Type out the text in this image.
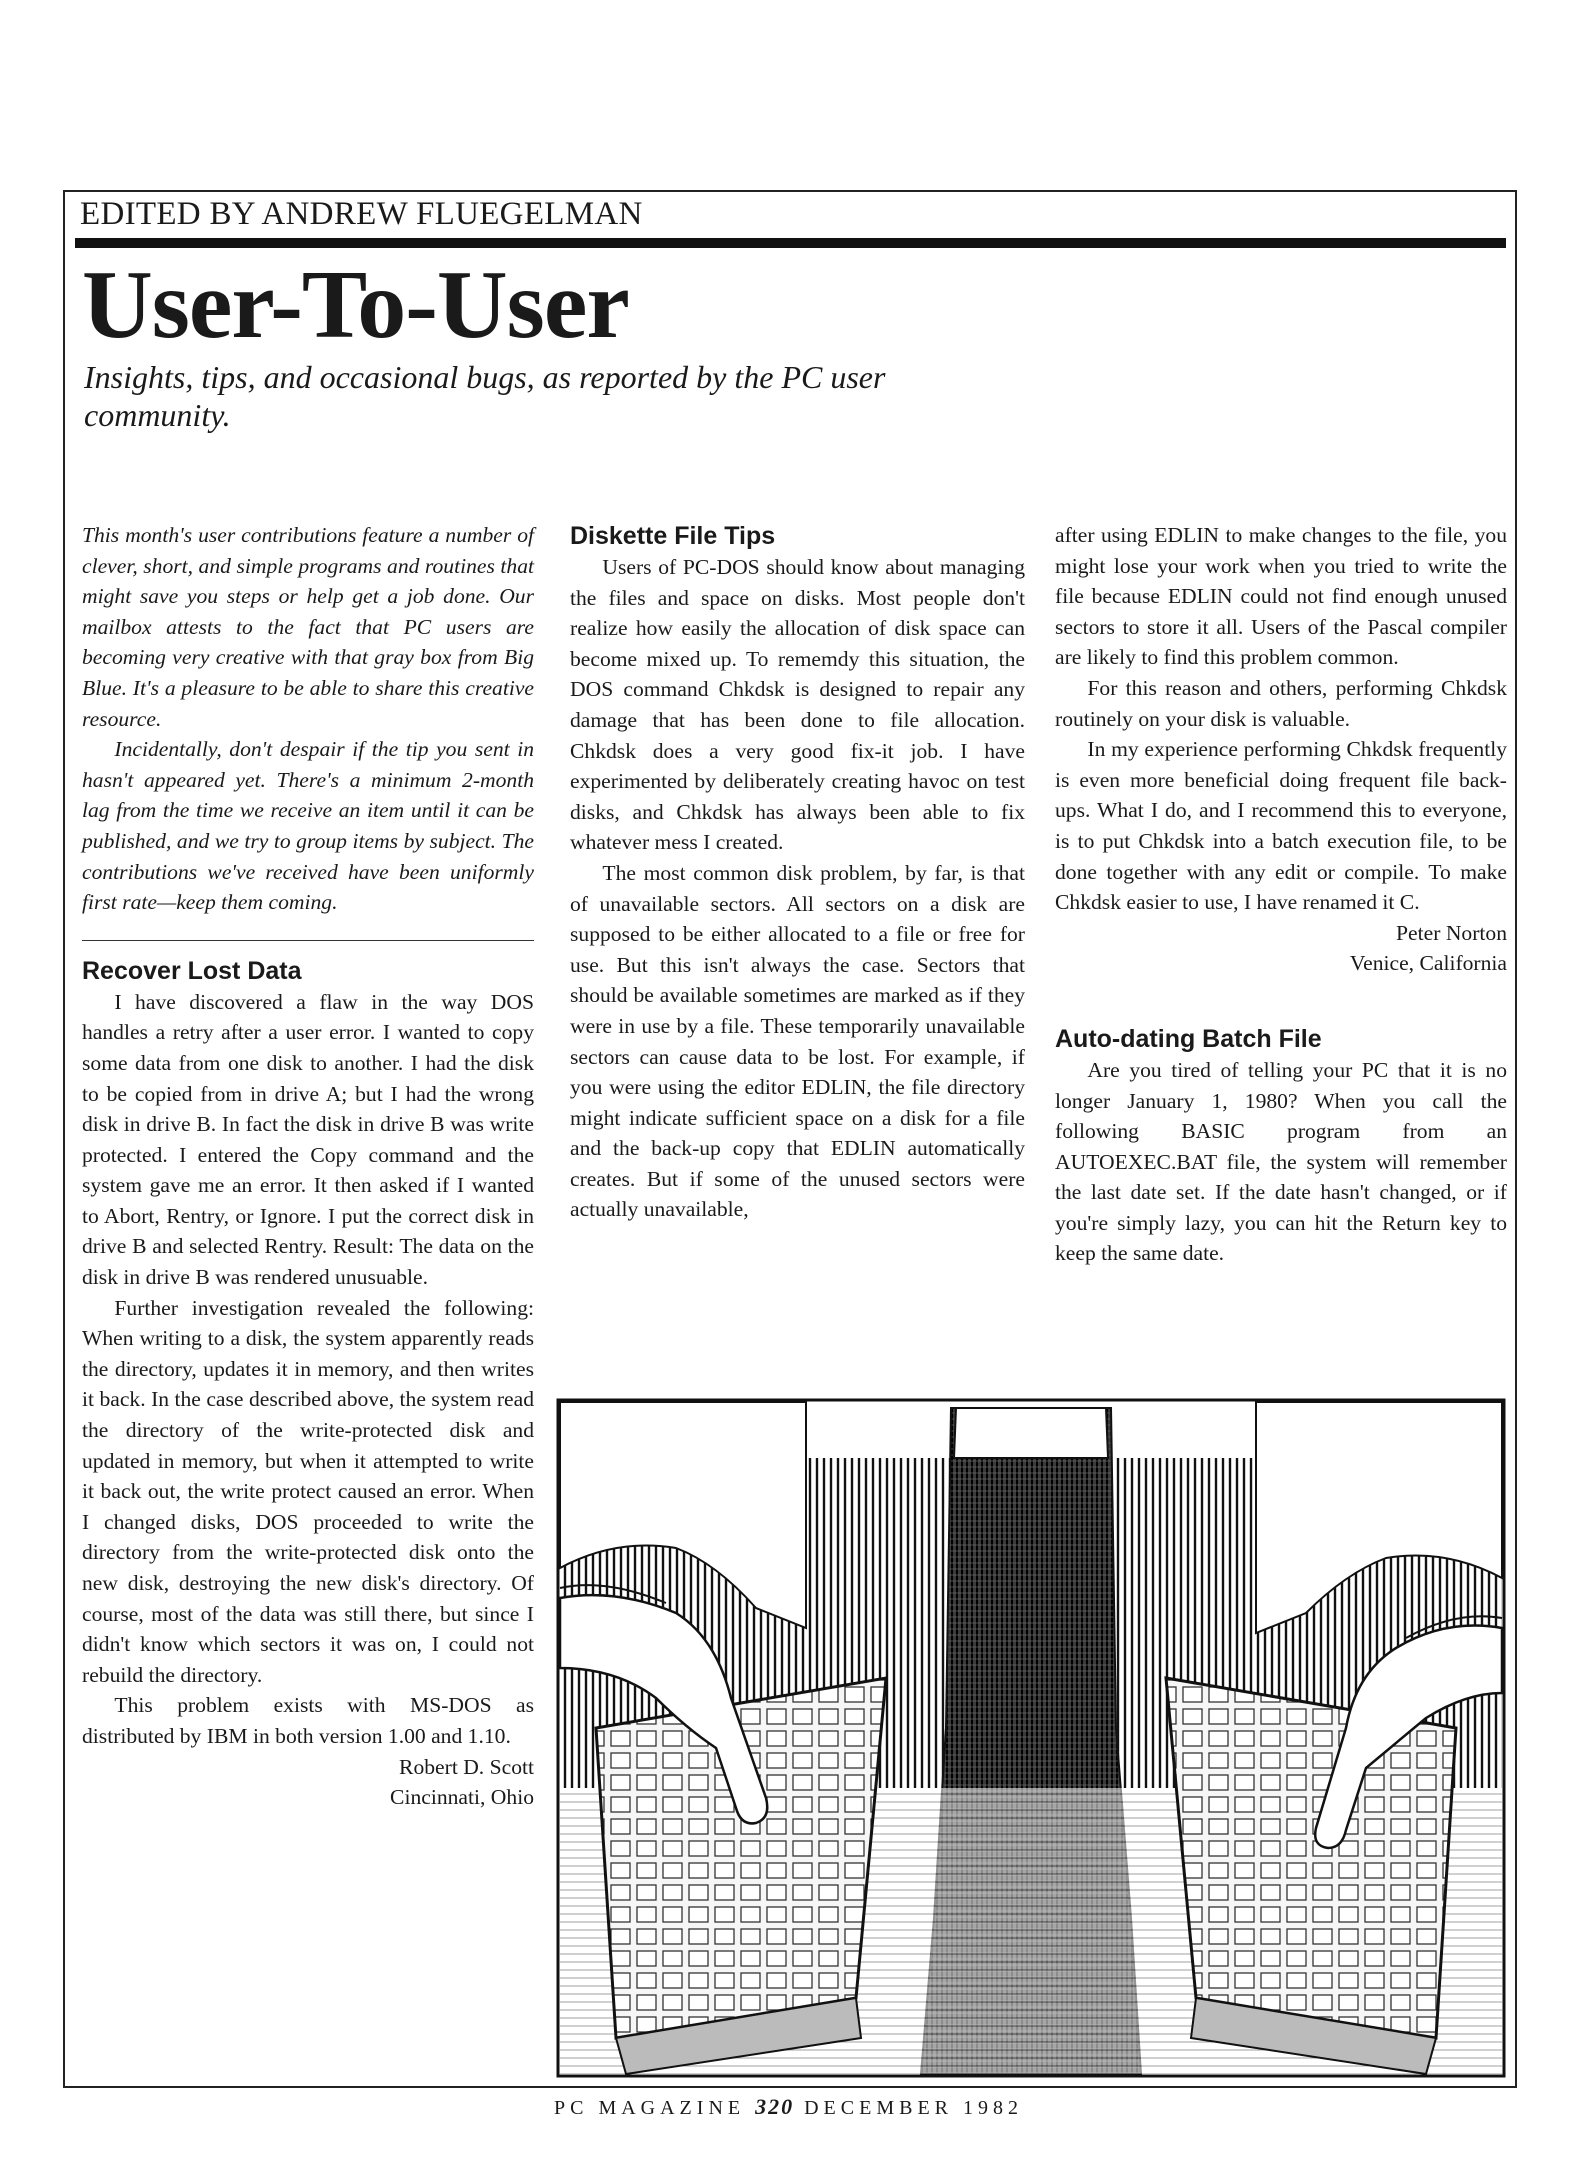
EDITED BY ANDREW FLUEGELMAN
User-To-User
Insights, tips, and occasional bugs, as reported by the PC user community.

This month's user contributions feature a number of clever, short, and simple programs and routines that might save you steps or help get a job done. Our mailbox attests to the fact that PC users are becoming very creative with that gray box from Big Blue. It's a pleasure to be able to share this creative resource.

Incidentally, don't despair if the tip you sent in hasn't appeared yet. There's a minimum 2-month lag from the time we receive an item until it can be published, and we try to group items by subject. The contributions we've received have been uniformly first rate—keep them coming.

Recover Lost Data

I have discovered a flaw in the way DOS handles a retry after a user error. I wanted to copy some data from one disk to another. I had the disk to be copied from in drive A; but I had the wrong disk in drive B. In fact the disk in drive B was write protected. I entered the Copy command and the system gave me an error. It then asked if I wanted to Abort, Rentry, or Ignore. I put the correct disk in drive B and selected Rentry. Result: The data on the disk in drive B was rendered unusuable.

Further investigation revealed the following: When writing to a disk, the system apparently reads the directory, updates it in memory, and then writes it back. In the case described above, the system read the directory of the write-protected disk and updated in memory, but when it attempted to write it back out, the write protect caused an error. When I changed disks, DOS proceeded to write the directory from the write-protected disk onto the new disk, destroying the new disk's directory. Of course, most of the data was still there, but since I didn't know which sectors it was on, I could not rebuild the directory.

This problem exists with MS-DOS as distributed by IBM in both version 1.00 and 1.10.

Robert D. Scott

Cincinnati, Ohio

Diskette File Tips

Users of PC-DOS should know about managing the files and space on disks. Most people don't realize how easily the allocation of disk space can become mixed up. To rememdy this situation, the DOS command Chkdsk is designed to repair any damage that has been done to file allocation. Chkdsk does a very good fix-it job. I have experimented by deliberately creating havoc on test disks, and Chkdsk has always been able to fix whatever mess I created.

The most common disk problem, by far, is that of unavailable sectors. All sectors on a disk are supposed to be either allocated to a file or free for use. But this isn't always the case. Sectors that should be available sometimes are marked as if they were in use by a file. These temporarily unavailable sectors can cause data to be lost. For example, if you were using the editor EDLIN, the file directory might indicate sufficient space on a disk for a file and the back-up copy that EDLIN automatically creates. But if some of the unused sectors were actually unavailable,

after using EDLIN to make changes to the file, you might lose your work when you tried to write the file because EDLIN could not find enough unused sectors to store it all. Users of the Pascal compiler are likely to find this problem common.

For this reason and others, performing Chkdsk routinely on your disk is valuable.

In my experience performing Chkdsk frequently is even more beneficial doing frequent file back-ups. What I do, and I recommend this to everyone, is to put Chkdsk into a batch execution file, to be done together with any edit or compile. To make Chkdsk easier to use, I have renamed it C.

Peter Norton

Venice, California

Auto-dating Batch File

Are you tired of telling your PC that it is no longer January 1, 1980? When you call the following BASIC program from an AUTOEXEC.BAT file, the system will remember the last date set. If the date hasn't changed, or if you're simply lazy, you can hit the Return key to keep the same date.

PC MAGAZINE 320 DECEMBER 1982
